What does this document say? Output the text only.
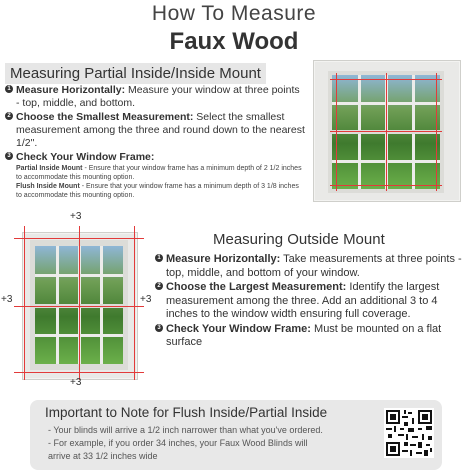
How To Measure
Faux Wood
Measuring Partial Inside/Inside Mount
1 Measure Horizontally: Measure your window at three points - top, middle, and bottom.
2 Choose the Smallest Measurement: Select the smallest measurement among the three and round down to the nearest 1/2".
3 Check Your Window Frame:
Partial Inside Mount - Ensure that your window frame has a minimum depth of 2 1/2 inches to accommodate this mounting option.
Flush Inside Mount - Ensure that your window frame has a minimum depth of 3 1/8 inches to accommodate this mounting option.
+3
+3	+3
+3
Measuring Outside Mount
1 Measure Horizontally: Take measurements at three points - top, middle, and bottom of your window.
2 Choose the Largest Measurement: Identify the largest measurement among the three. Add an additional 3 to 4 inches to the window width ensuring full coverage.
3 Check Your Window Frame: Must be mounted on a flat surface
Important to Note for Flush Inside/Partial Inside
- Your blinds will arrive a 1/2 inch narrower than what you've ordered.
- For example, if you order 34 inches, your Faux Wood Blinds will
arrive at 33 1/2 inches wide
